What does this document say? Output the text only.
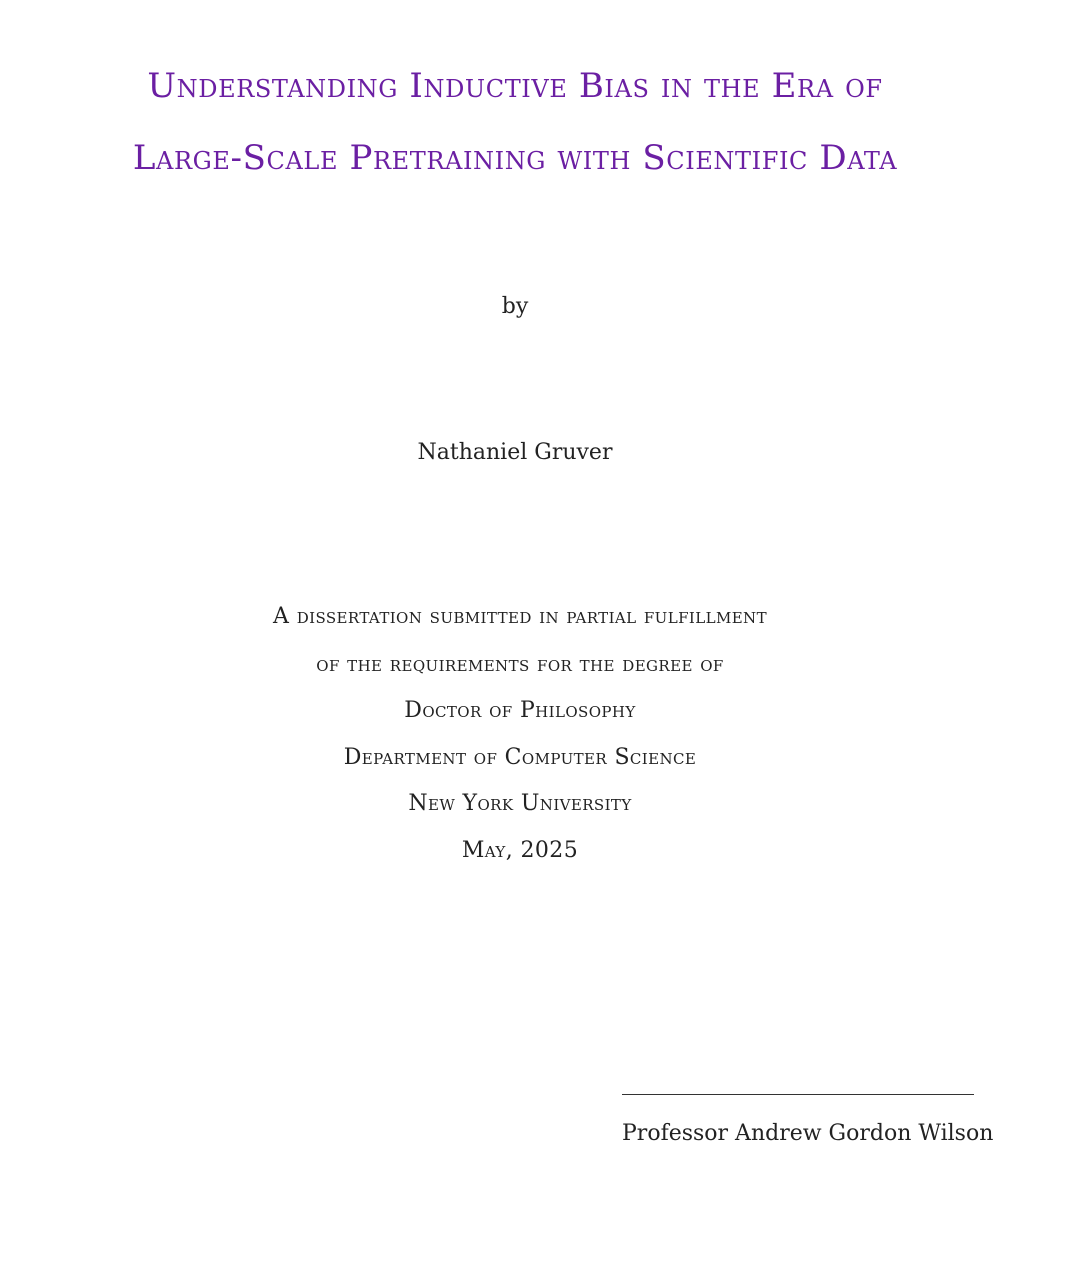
Understanding Inductive Bias in the Era of
Large-Scale Pretraining with Scientific Data
by
Nathaniel Gruver
A dissertation submitted in partial fulfillment
of the requirements for the degree of
Doctor of Philosophy
Department of Computer Science
New York University
May, 2025
Professor Andrew Gordon Wilson
